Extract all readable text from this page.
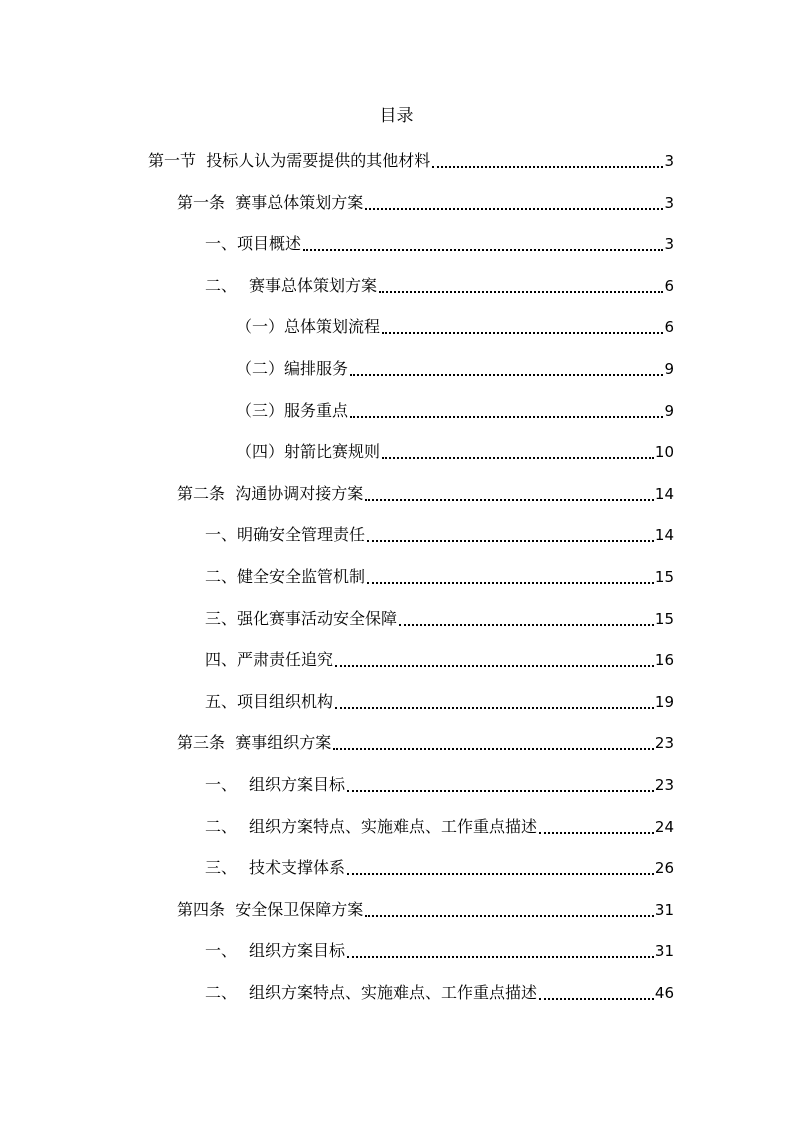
目录
第一节 投标人认为需要提供的其他材料	3
第一条 赛事总体策划方案	3
一、项目概述	3
二、 赛事总体策划方案	6
（一）总体策划流程	6
（二）编排服务	9
（三）服务重点	9
（四）射箭比赛规则	10
第二条 沟通协调对接方案	14
一、明确安全管理责任	14
二、健全安全监管机制	15
三、强化赛事活动安全保障	15
四、严肃责任追究	16
五、项目组织机构	19
第三条 赛事组织方案	23
一、 组织方案目标	23
二、 组织方案特点、实施难点、工作重点描述	24
三、 技术支撑体系	26
第四条 安全保卫保障方案	31
一、 组织方案目标	31
二、 组织方案特点、实施难点、工作重点描述	46
